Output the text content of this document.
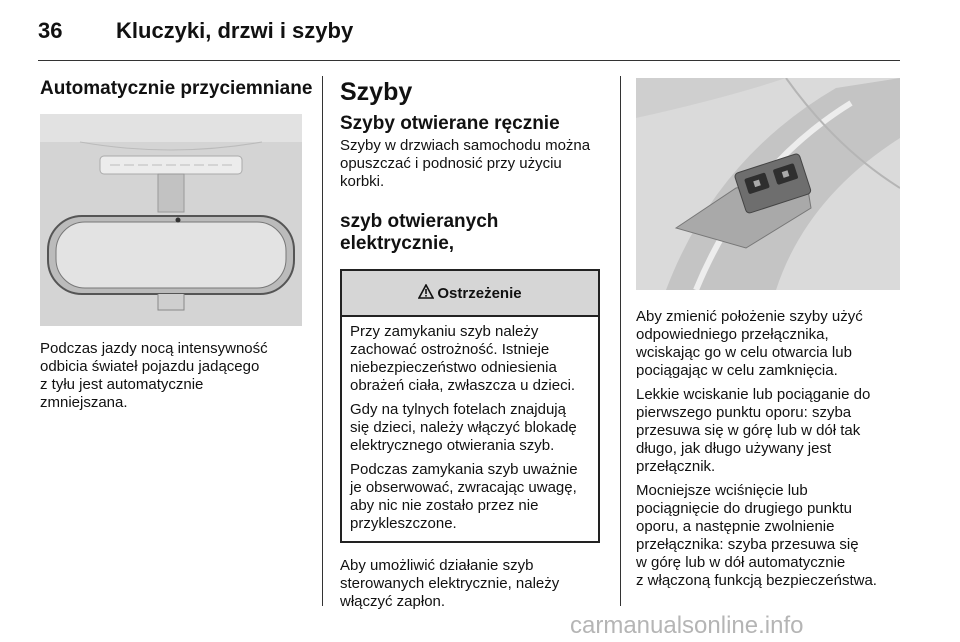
36 Kluczyki, drzwi i szyby
Automatycznie przyciemniane

Podczas jazdy nocą intensywność

odbicia świateł pojazdu jadącego

z tyłu jest automatycznie

zmniejszana.

Szyby
Szyby otwierane ręcznie

Szyby w drzwiach samochodu można

opuszczać i podnosić przy użyciu

korbki.

szyb otwieranych elektrycznie,
Ostrzeżenie

Przy zamykaniu szyb należy
zachować ostrożność. Istnieje
niebezpieczeństwo odniesienia
obrażeń ciała, zwłaszcza u dzieci.

Gdy na tylnych fotelach znajdują
się dzieci, należy włączyć blokadę
elektrycznego otwierania szyb.

Podczas zamykania szyb uważnie
je obserwować, zwracając uwagę,
aby nic nie zostało przez nie
przykleszczone.

Aby umożliwić działanie szyb

sterowanych elektrycznie, należy

włączyć zapłon.

Aby zmienić położenie szyby użyć
odpowiedniego przełącznika,
wciskając go w celu otwarcia lub
pociągając w celu zamknięcia.

Lekkie wciskanie lub pociąganie do
pierwszego punktu oporu: szyba
przesuwa się w górę lub w dół tak
długo, jak długo używany jest
przełącznik.

Mocniejsze wciśnięcie lub
pociągnięcie do drugiego punktu
oporu, a następnie zwolnienie
przełącznika: szyba przesuwa się
w górę lub w dół automatycznie
z włączoną funkcją bezpieczeństwa.

carmanualsonline.info
